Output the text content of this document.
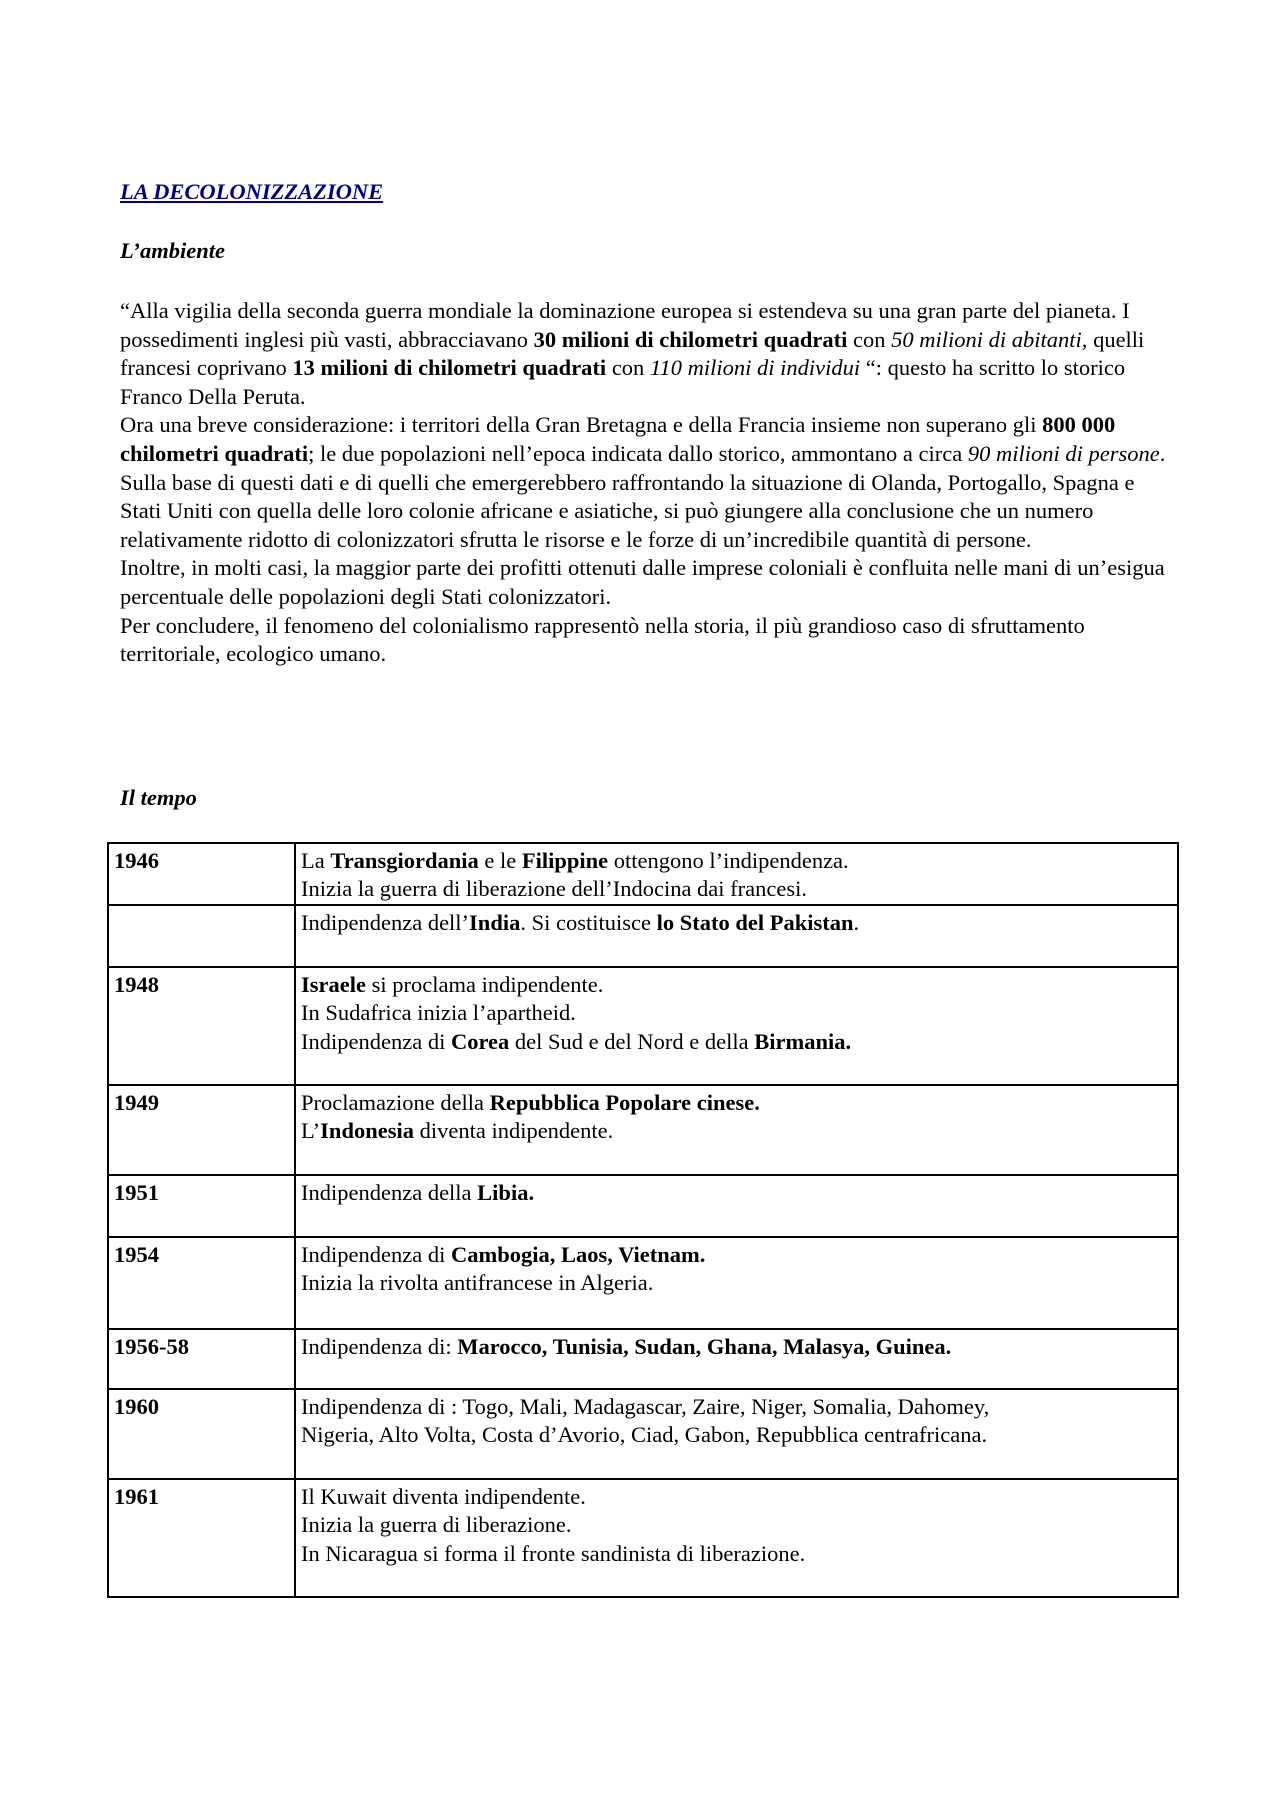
LA DECOLONIZZAZIONE
L’ambiente

“Alla vigilia della seconda guerra mondiale la dominazione europea si estendeva su una gran parte del pianeta. I possedimenti inglesi più vasti, abbracciavano 30 milioni di chilometri quadrati con 50 milioni di abitanti, quelli francesi coprivano 13 milioni di chilometri quadrati con 110 milioni di individui “: questo ha scritto lo storico Franco Della Peruta.

Ora una breve considerazione: i territori della Gran Bretagna e della Francia insieme non superano gli 800 000 chilometri quadrati; le due popolazioni nell’epoca indicata dallo storico, ammontano a circa 90 milioni di persone.

Sulla base di questi dati e di quelli che emergerebbero raffrontando la situazione di Olanda, Portogallo, Spagna e Stati Uniti con quella delle loro colonie africane e asiatiche, si può giungere alla conclusione che un numero relativamente ridotto di colonizzatori sfrutta le risorse e le forze di un’incredibile quantità di persone.

Inoltre, in molti casi, la maggior parte dei profitti ottenuti dalle imprese coloniali è confluita nelle mani di un’esigua percentuale delle popolazioni degli Stati colonizzatori.

Per concludere, il fenomeno del colonialismo rappresentò nella storia, il più grandioso caso di sfruttamento territoriale, ecologico umano.

Il tempo
1946	La Transgiordania e le Filippine ottengono l’indipendenza.
Inizia la guerra di liberazione dell’Indocina dai francesi.

	Indipendenza dell’India. Si costituisce lo Stato del Pakistan.

1948	Israele si proclama indipendente.
In Sudafrica inizia l’apartheid.
Indipendenza di Corea del Sud e del Nord e della Birmania.

1949	Proclamazione della Repubblica Popolare cinese.
L’Indonesia diventa indipendente.

1951	Indipendenza della Libia.

1954	Indipendenza di Cambogia, Laos, Vietnam.
Inizia la rivolta antifrancese in Algeria.

1956-58	Indipendenza di: Marocco, Tunisia, Sudan, Ghana, Malasya, Guinea.

1960	Indipendenza di : Togo, Mali, Madagascar, Zaire, Niger, Somalia, Dahomey,
Nigeria, Alto Volta, Costa d’Avorio, Ciad, Gabon, Repubblica centrafricana.

1961	Il Kuwait diventa indipendente.
Inizia la guerra di liberazione.
In Nicaragua si forma il fronte sandinista di liberazione.
